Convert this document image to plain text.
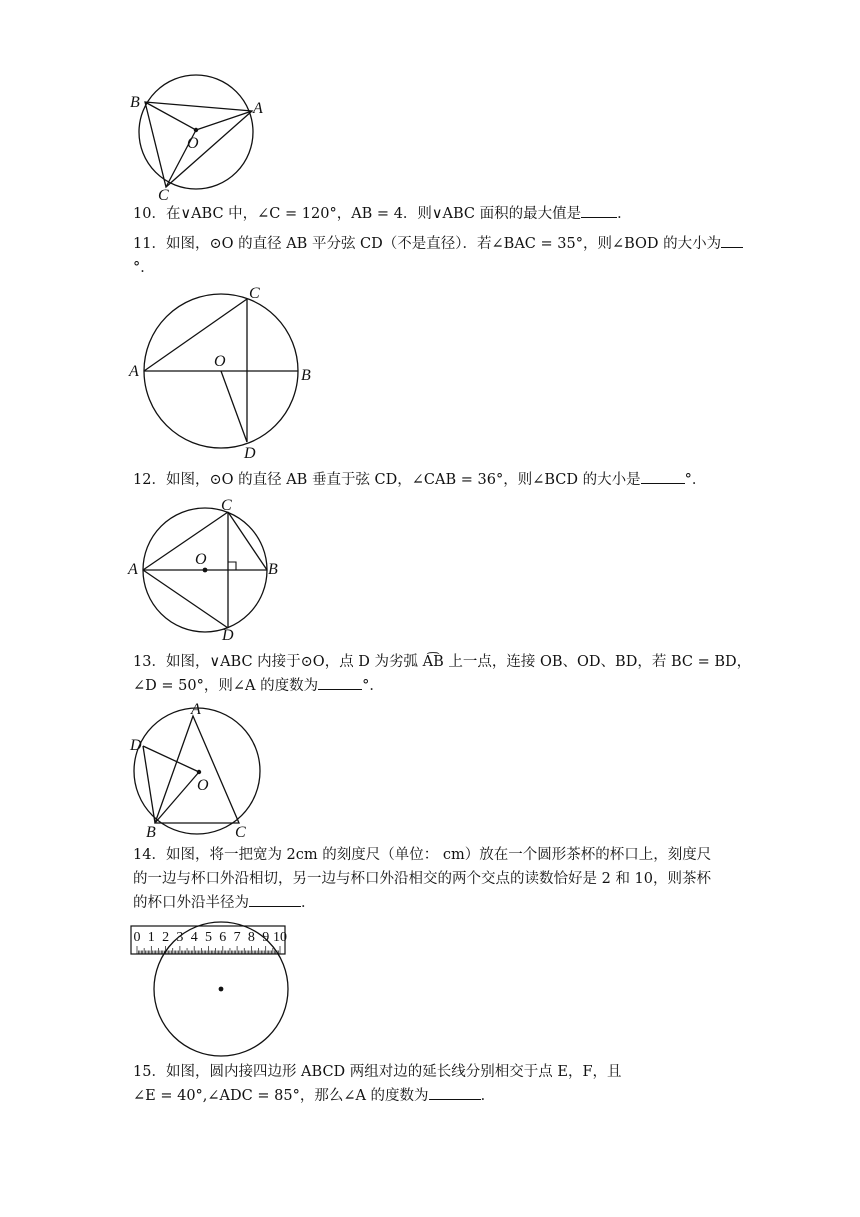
B	A
O
C
10．在∨ABC 中，∠C = 120°，AB = 4．则∨ABC 面积的最大值是 ．
11．如图，⊙O 的直径 AB 平分弦 CD（不是直径）．若∠BAC = 35°，则∠BOD 的大小为
°．
C
A
O
B
D
12．如图，⊙O 的直径 AB 垂直于弦 CD，∠CAB = 36°，则∠BCD 的大小是	°．
C
O
A	B
D
13．如图，∨ABC 内接于⊙O，点 D 为劣弧 A͡B 上一点，连接 OB、OD、BD，若 BC = BD，
∠D = 50°，则∠A 的度数为	°．
A
D
O
B	C
14．如图，将一把宽为 2cm 的刻度尺（单位： cm）放在一个圆形茶杯的杯口上，刻度尺
的一边与杯口外沿相切，另一边与杯口外沿相交的两个交点的读数恰好是 2 和 10，则茶杯
的杯口外沿半径为	．
0 1 2 3 4 5 6 7 8 9 10
15．如图，圆内接四边形 ABCD 两组对边的延长线分别相交于点 E，F，且
∠E = 40°,∠ADC = 85°，那么∠A 的度数为	．
